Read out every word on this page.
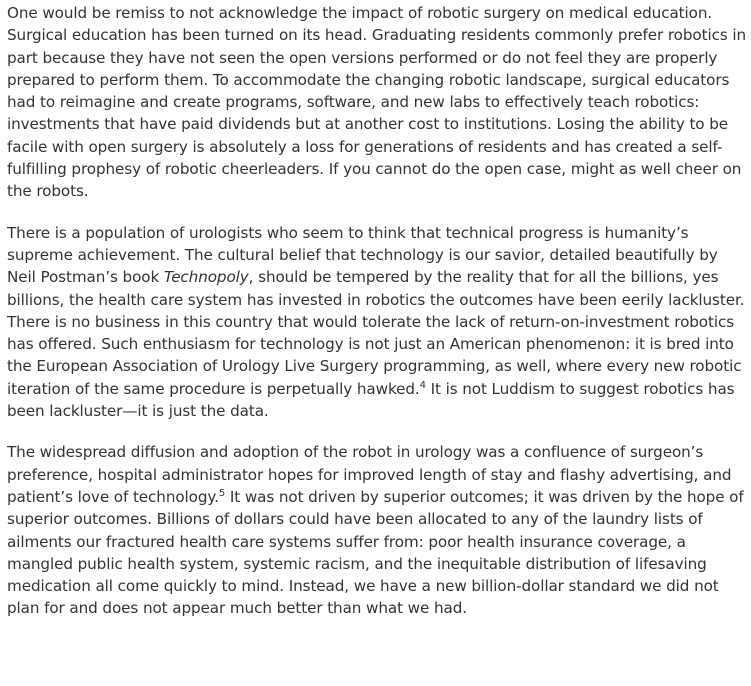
One would be remiss to not acknowledge the impact of robotic surgery on medical education. Surgical education has been turned on its head. Graduating residents commonly prefer robotics in part because they have not seen the open versions performed or do not feel they are properly prepared to perform them. To accommodate the changing robotic landscape, surgical educators had to reimagine and create programs, software, and new labs to effectively teach robotics: investments that have paid dividends but at another cost to institutions. Losing the ability to be facile with open surgery is absolutely a loss for generations of residents and has created a self-fulfilling prophesy of robotic cheerleaders. If you cannot do the open case, might as well cheer on the robots.

There is a population of urologists who seem to think that technical progress is humanity’s supreme achievement. The cultural belief that technology is our savior, detailed beautifully by Neil Postman’s book Technopoly, should be tempered by the reality that for all the billions, yes billions, the health care system has invested in robotics the outcomes have been eerily lackluster. There is no business in this country that would tolerate the lack of return-on-investment robotics has offered. Such enthusiasm for technology is not just an American phenomenon: it is bred into the European Association of Urology Live Surgery programming, as well, where every new robotic iteration of the same procedure is perpetually hawked.$^4$ It is not Luddism to suggest robotics has been lackluster—it is just the data.

The widespread diffusion and adoption of the robot in urology was a confluence of surgeon’s preference, hospital administrator hopes for improved length of stay and flashy advertising, and patient’s love of technology.$^5$ It was not driven by superior outcomes; it was driven by the hope of superior outcomes. Billions of dollars could have been allocated to any of the laundry lists of ailments our fractured health care systems suffer from: poor health insurance coverage, a mangled public health system, systemic racism, and the inequitable distribution of lifesaving medication all come quickly to mind. Instead, we have a new billion-dollar standard we did not plan for and does not appear much better than what we had.
